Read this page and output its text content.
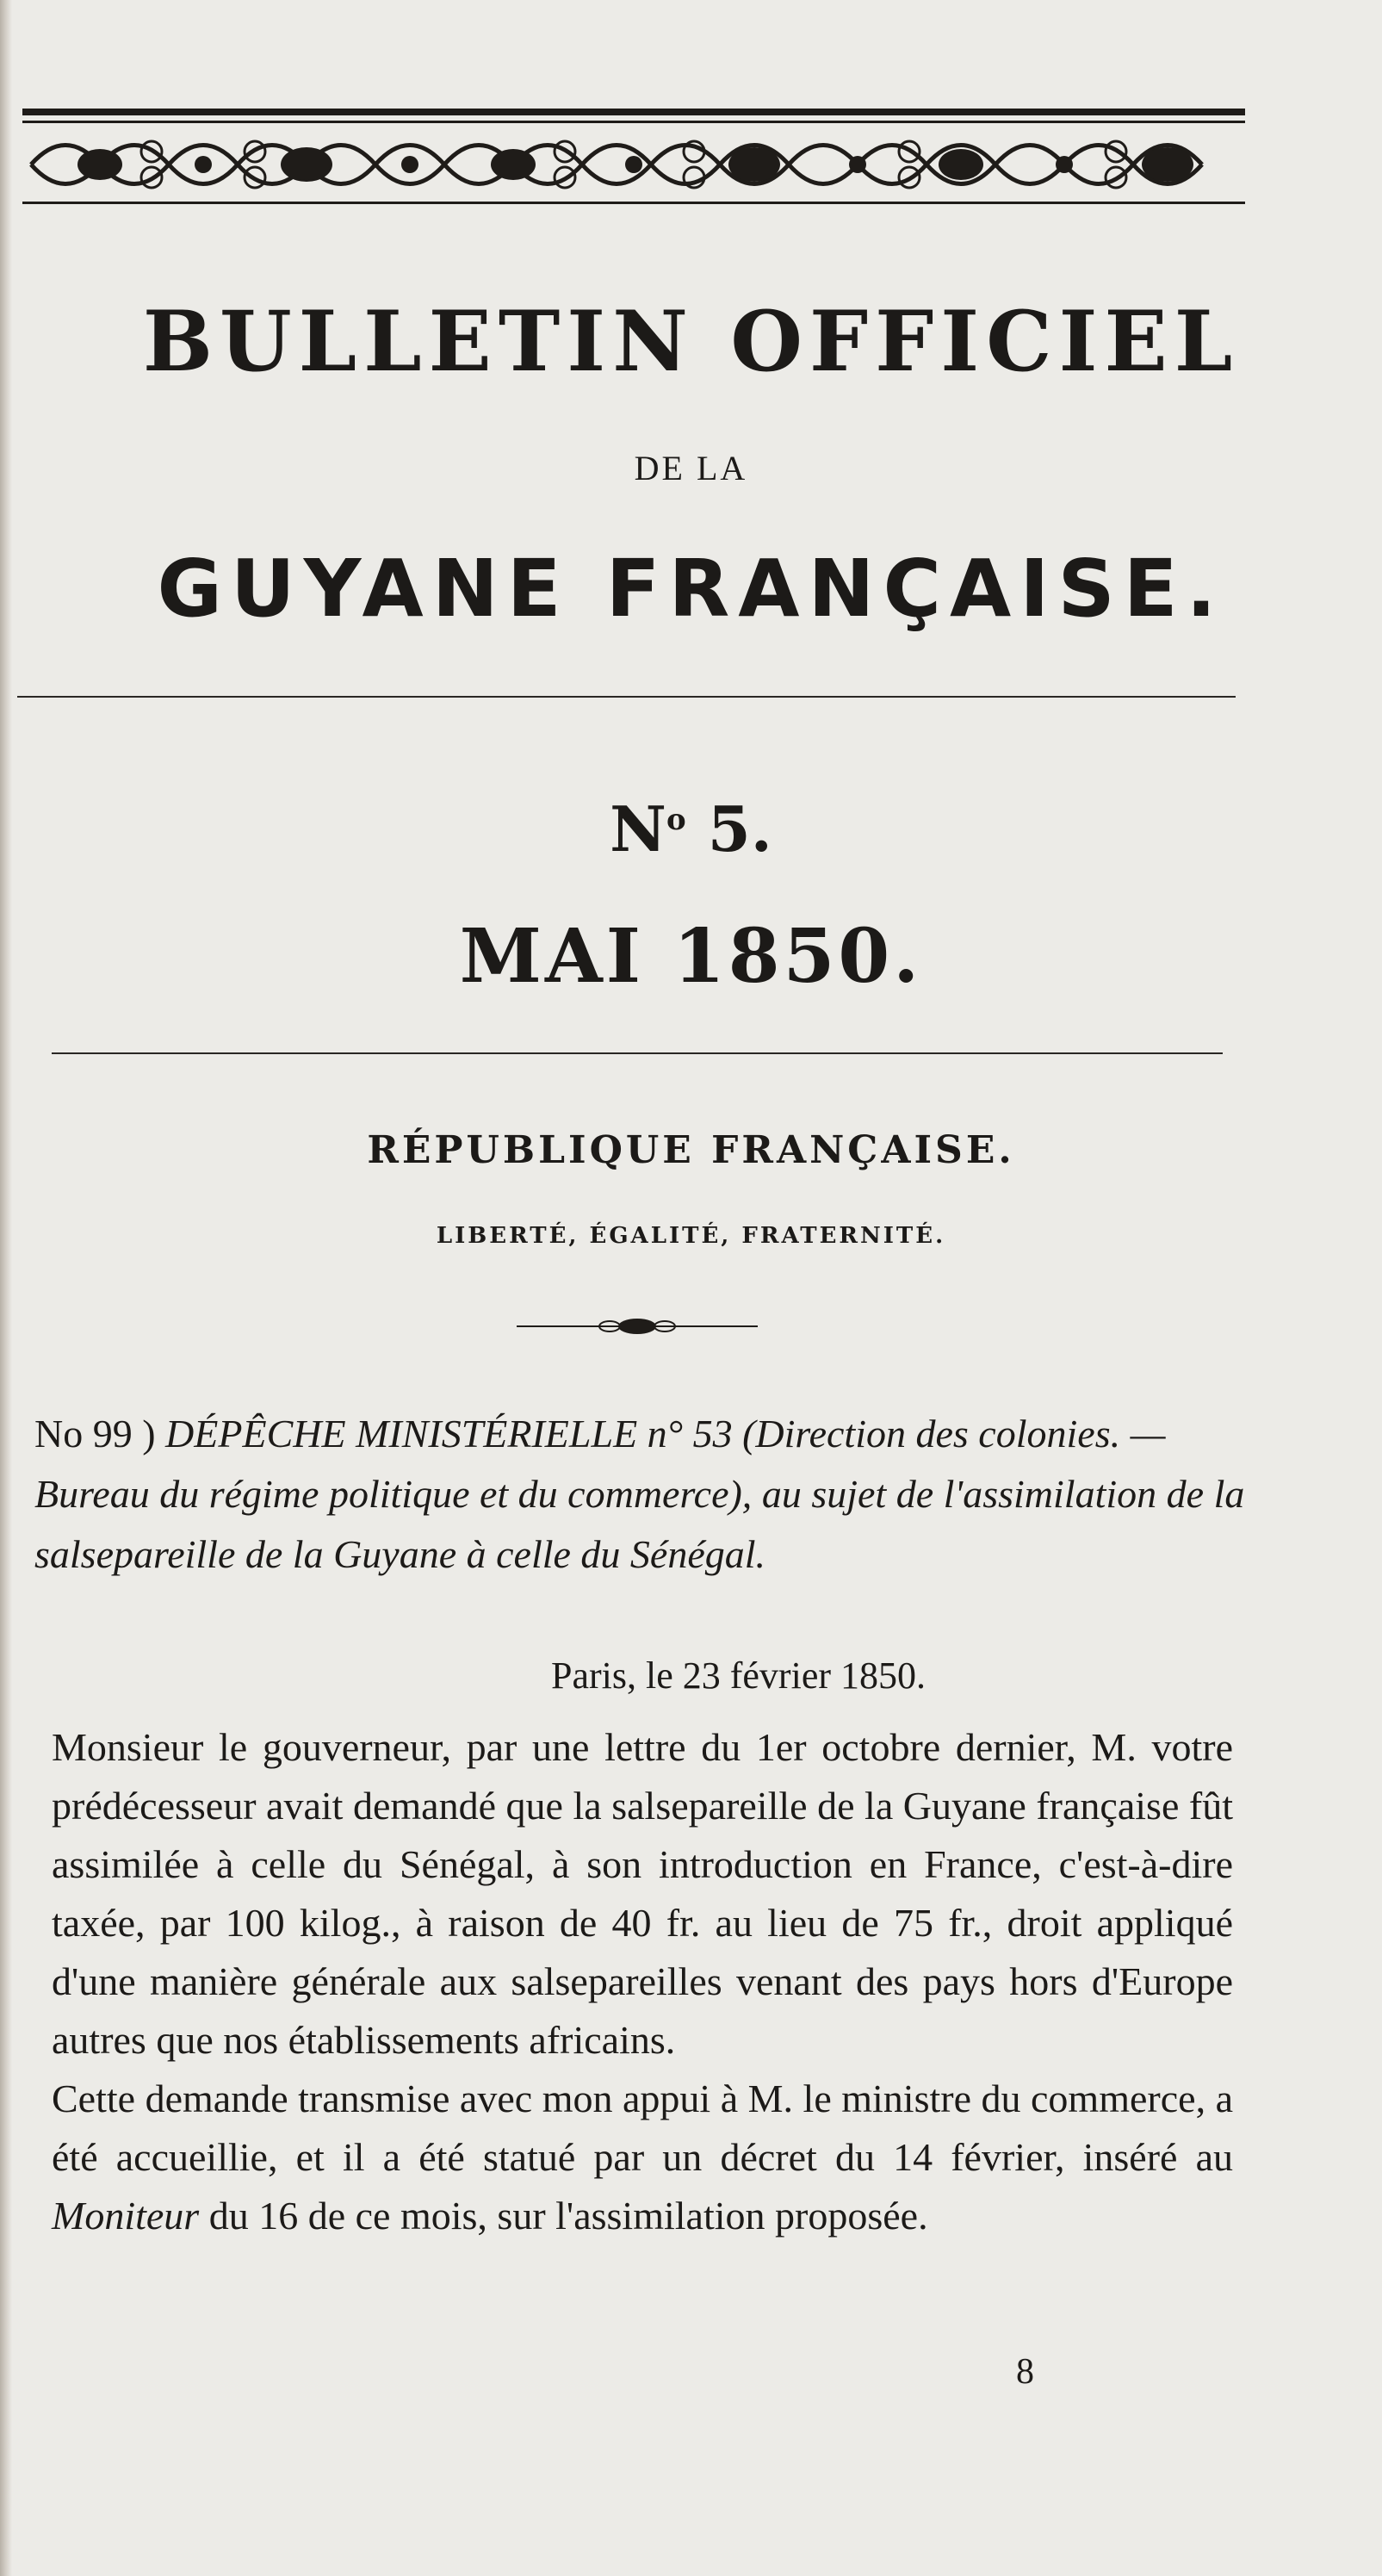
BULLETIN OFFICIEL
DE LA
GUYANE FRANÇAISE.
$N^o$ 5.
MAI 1850.
RÉPUBLIQUE FRANÇAISE.
LIBERTÉ, ÉGALITÉ, FRATERNITÉ.
No 99 ) DÉPÊCHE MINISTÉRIELLE n° 53 (Direction des colonies. — Bureau du régime politique et du commerce), au sujet de l'assimilation de la salsepareille de la Guyane à celle du Sénégal.
Paris, le 23 février 1850.

Monsieur le gouverneur, par une lettre du 1er octobre dernier, M. votre prédécesseur avait demandé que la salsepareille de la Guyane française fût assimilée à celle du Sénégal, à son introduction en France, c'est-à-dire taxée, par 100 kilog., à raison de 40 fr. au lieu de 75 fr., droit appliqué d'une manière générale aux salsepareilles venant des pays hors d'Europe autres que nos établissements africains.

Cette demande transmise avec mon appui à M. le ministre du commerce, a été accueillie, et il a été statué par un décret du 14 février, inséré au Moniteur du 16 de ce mois, sur l'assimilation proposée.

8
